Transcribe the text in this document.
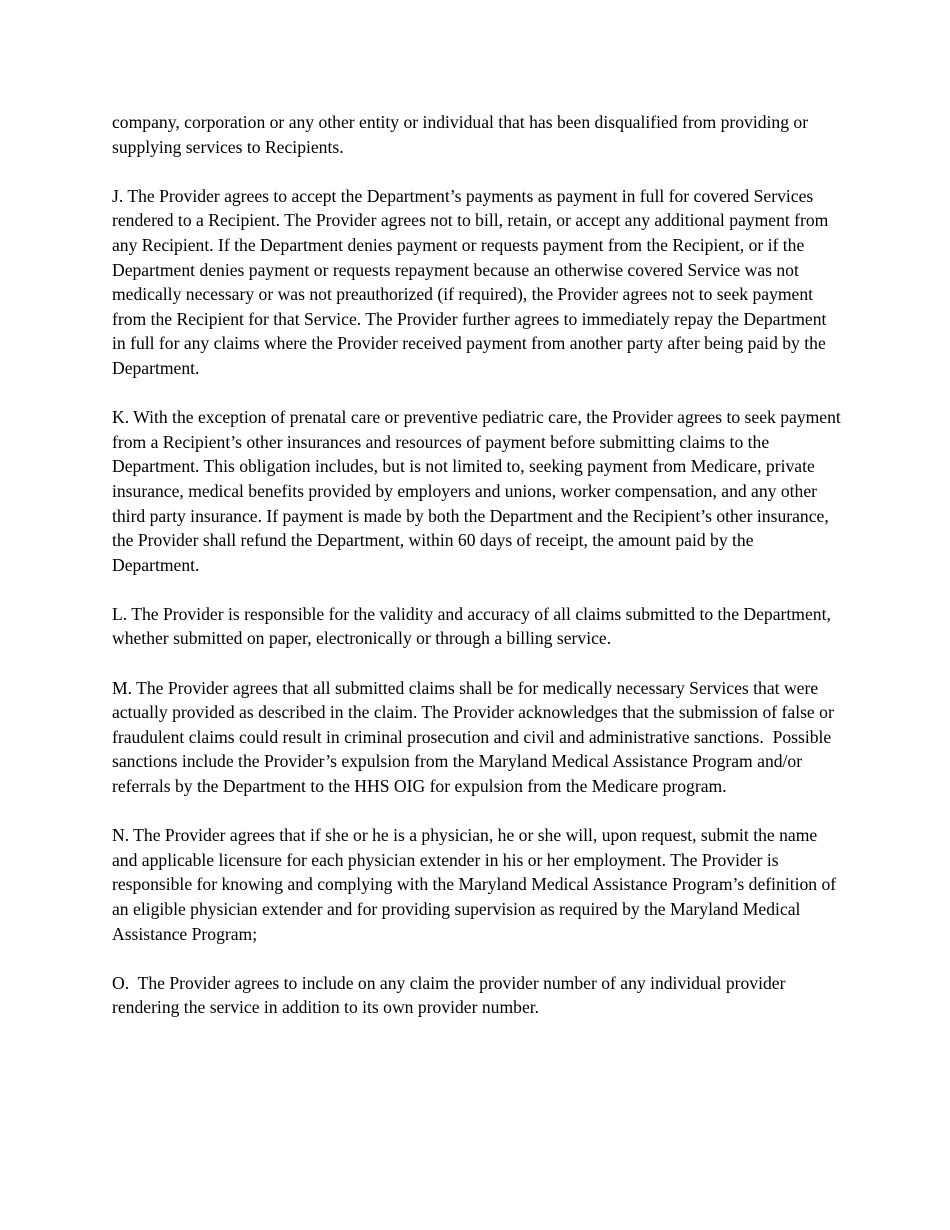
company, corporation or any other entity or individual that has been disqualified from providing or supplying services to Recipients.

J. The Provider agrees to accept the Department’s payments as payment in full for covered Services rendered to a Recipient. The Provider agrees not to bill, retain, or accept any additional payment from any Recipient. If the Department denies payment or requests payment from the Recipient, or if the Department denies payment or requests repayment because an otherwise covered Service was not medically necessary or was not preauthorized (if required), the Provider agrees not to seek payment from the Recipient for that Service. The Provider further agrees to immediately repay the Department in full for any claims where the Provider received payment from another party after being paid by the Department.

K. With the exception of prenatal care or preventive pediatric care, the Provider agrees to seek payment from a Recipient’s other insurances and resources of payment before submitting claims to the Department. This obligation includes, but is not limited to, seeking payment from Medicare, private insurance, medical benefits provided by employers and unions, worker compensation, and any other third party insurance. If payment is made by both the Department and the Recipient’s other insurance, the Provider shall refund the Department, within 60 days of receipt, the amount paid by the Department.

L. The Provider is responsible for the validity and accuracy of all claims submitted to the Department, whether submitted on paper, electronically or through a billing service.

M. The Provider agrees that all submitted claims shall be for medically necessary Services that were actually provided as described in the claim. The Provider acknowledges that the submission of false or fraudulent claims could result in criminal prosecution and civil and administrative sanctions.  Possible sanctions include the Provider’s expulsion from the Maryland Medical Assistance Program and/or referrals by the Department to the HHS OIG for expulsion from the Medicare program.

N. The Provider agrees that if she or he is a physician, he or she will, upon request, submit the name and applicable licensure for each physician extender in his or her employment. The Provider is responsible for knowing and complying with the Maryland Medical Assistance Program’s definition of an eligible physician extender and for providing supervision as required by the Maryland Medical Assistance Program;

O.  The Provider agrees to include on any claim the provider number of any individual provider rendering the service in addition to its own provider number.
